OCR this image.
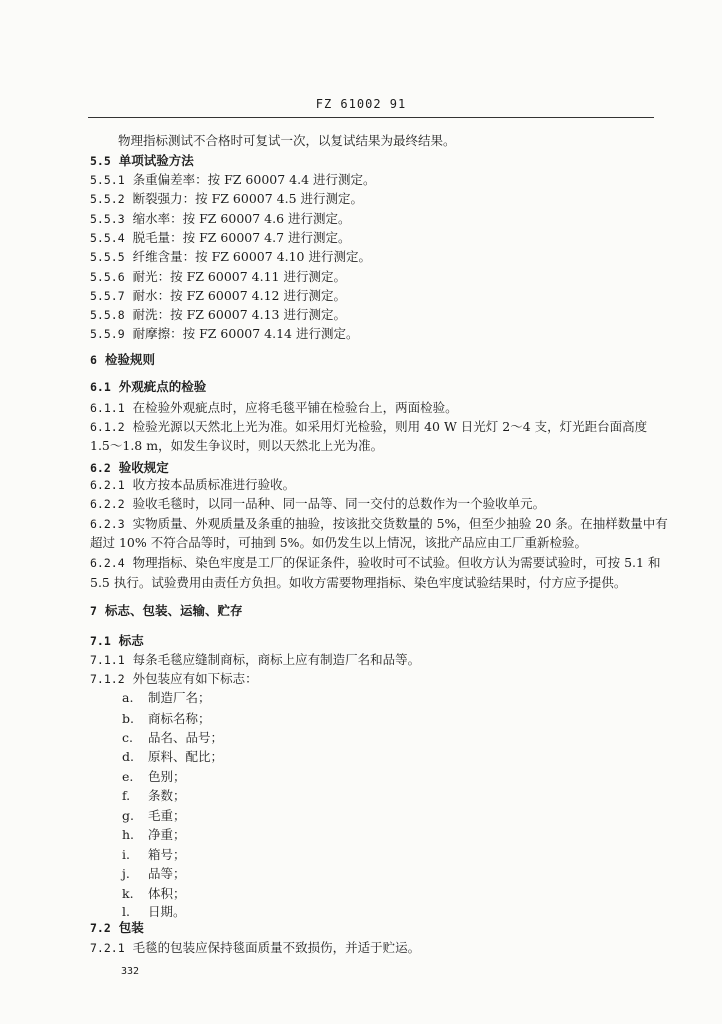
FZ 61002 91
物理指标测试不合格时可复试一次，以复试结果为最终结果。
5.5 单项试验方法
5.5.1 条重偏差率：按 FZ 60007 4.4 进行测定。
5.5.2 断裂强力：按 FZ 60007 4.5 进行测定。
5.5.3 缩水率：按 FZ 60007 4.6 进行测定。
5.5.4 脱毛量：按 FZ 60007 4.7 进行测定。
5.5.5 纤维含量：按 FZ 60007 4.10 进行测定。
5.5.6 耐光：按 FZ 60007 4.11 进行测定。
5.5.7 耐水：按 FZ 60007 4.12 进行测定。
5.5.8 耐洗：按 FZ 60007 4.13 进行测定。
5.5.9 耐摩擦：按 FZ 60007 4.14 进行测定。
6 检验规则
6.1 外观疵点的检验
6.1.1 在检验外观疵点时，应将毛毯平铺在检验台上，两面检验。
6.1.2 检验光源以天然北上光为准。如采用灯光检验，则用 40 W 日光灯 2～4 支，灯光距台面高度
1.5～1.8 m，如发生争议时，则以天然北上光为准。
6.2 验收规定
6.2.1 收方按本品质标准进行验收。
6.2.2 验收毛毯时，以同一品种、同一品等、同一交付的总数作为一个验收单元。
6.2.3 实物质量、外观质量及条重的抽验，按该批交货数量的 5%，但至少抽验 20 条。在抽样数量中有
超过 10% 不符合品等时，可抽到 5%。如仍发生以上情况，该批产品应由工厂重新检验。
6.2.4 物理指标、染色牢度是工厂的保证条件，验收时可不试验。但收方认为需要试验时，可按 5.1 和
5.5 执行。试验费用由责任方负担。如收方需要物理指标、染色牢度试验结果时，付方应予提供。
7 标志、包装、运输、贮存
7.1 标志
7.1.1 每条毛毯应缝制商标，商标上应有制造厂名和品等。
7.1.2 外包装应有如下标志：
7.2 包装
7.2.1 毛毯的包装应保持毯面质量不致损伤，并适于贮运。
a. 制造厂名；
b. 商标名称；
c. 品名、品号；
d. 原料、配比；
e. 色别；
f. 条数；
g. 毛重；
h. 净重；
i. 箱号；
j. 品等；
k. 体积；
l. 日期。
332
